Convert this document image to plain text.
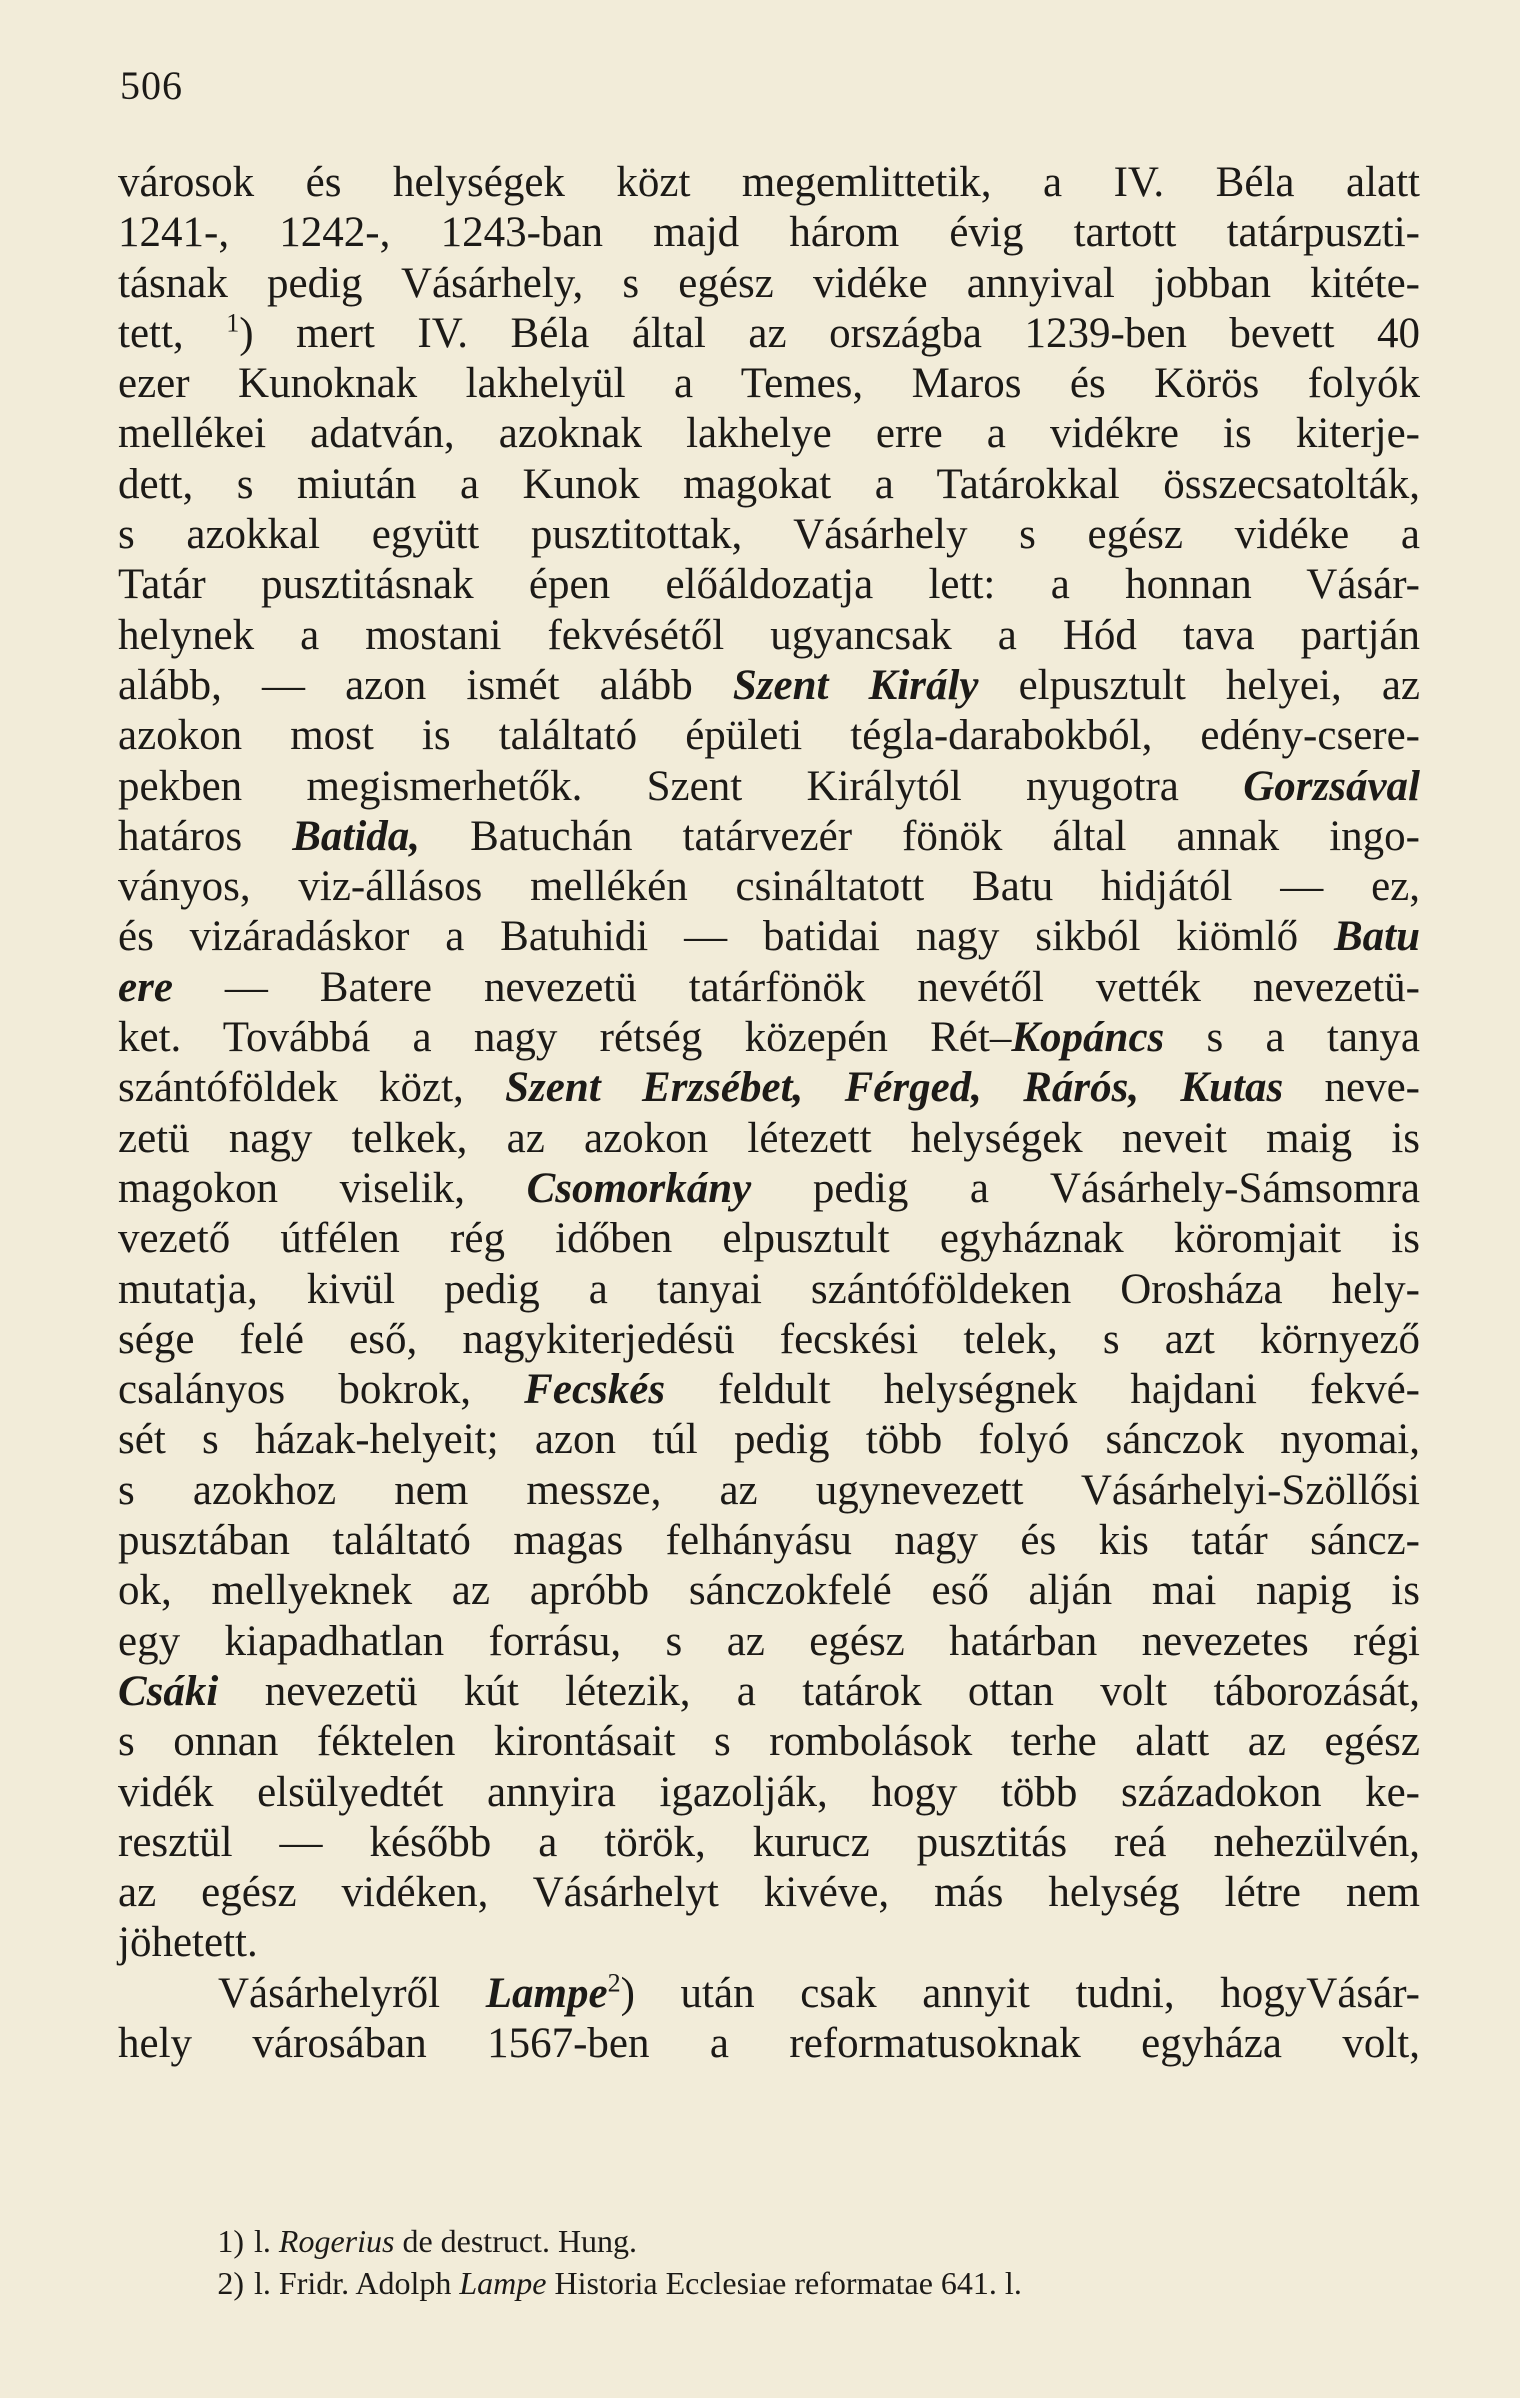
506
városok és helységek közt megemlittetik, a IV. Béla alatt
1241-, 1242-, 1243-ban majd három évig tartott tatárpuszti-
tásnak pedig Vásárhely, s egész vidéke annyival jobban kitéte-
tett, $^1$) mert IV. Béla által az országba 1239-ben bevett 40
ezer Kunoknak lakhelyül a Temes, Maros és Körös folyók
mellékei adatván, azoknak lakhelye erre a vidékre is kiterje-
dett, s miután a Kunok magokat a Tatárokkal összecsatolták,
s azokkal együtt pusztitottak, Vásárhely s egész vidéke a
Tatár pusztitásnak épen előáldozatja lett: a honnan Vásár-
helynek a mostani fekvésétől ugyancsak a Hód tava partján
alább, — azon ismét alább Szent Király elpusztult helyei, az
azokon most is találtató épületi tégla-darabokból, edény-csere-
pekben megismerhetők. Szent Királytól nyugotra Gorzsával
határos Batida, Batuchán tatárvezér fönök által annak ingo-
ványos, viz-állásos mellékén csináltatott Batu hidjától — ez,
és vizáradáskor a Batuhidi — batidai nagy sikból kiömlő Batu
ere — Batere nevezetü tatárfönök nevétől vették nevezetü-
ket. Továbbá a nagy rétség közepén Rét–Kopáncs s a tanya
szántóföldek közt, Szent Erzsébet, Férged, Rárós, Kutas neve-
zetü nagy telkek, az azokon létezett helységek neveit maig is
magokon viselik, Csomorkány pedig a Vásárhely-Sámsomra
vezető útfélen rég időben elpusztult egyháznak köromjait is
mutatja, kivül pedig a tanyai szántóföldeken Orosháza hely-
sége felé eső, nagykiterjedésü fecskési telek, s azt környező
csalányos bokrok, Fecskés feldult helységnek hajdani fekvé-
sét s házak-helyeit; azon túl pedig több folyó sánczok nyomai,
s azokhoz nem messze, az ugynevezett Vásárhelyi-Szöllősi
pusztában találtató magas felhányásu nagy és kis tatár sáncz-
ok, mellyeknek az apróbb sánczokfelé eső alján mai napig is
egy kiapadhatlan forrásu, s az egész határban nevezetes régi
Csáki nevezetü kút létezik, a tatárok ottan volt táborozását,
s onnan féktelen kirontásait s rombolások terhe alatt az egész
vidék elsülyedtét annyira igazolják, hogy több századokon ke-
resztül — később a török, kurucz pusztitás reá nehezülvén,
az egész vidéken, Vásárhelyt kivéve, más helység létre nem
jöhetett.
Vásárhelyről Lampe$^2$) után csak annyit tudni, hogyVásár-
hely városában 1567-ben a reformatusoknak egyháza volt,
1) l. Rogerius de destruct. Hung.
2) l. Fridr. Adolph Lampe Historia Ecclesiae reformatae 641. l.
